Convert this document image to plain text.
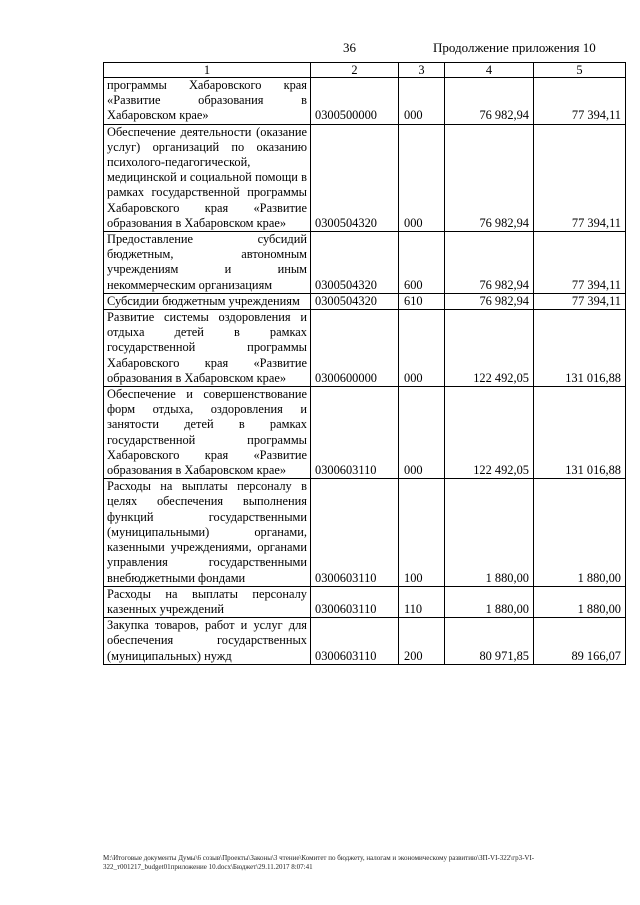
36	Продолжение приложения 10
1	2	3	4	5
программы Хабаровского края «Развитие образования в Хабаровском крае»	0300500000	000	76 982,94	77 394,11
Обеспечение деятельности (оказание услуг) организаций по оказанию психолого-педагогической, медицинской и социальной помощи в рамках государственной программы Хабаровского края «Развитие образования в Хабаровском крае»	0300504320	000	76 982,94	77 394,11
Предоставление субсидий бюджетным, автономным учреждениям и иным некоммерческим организациям	0300504320	600	76 982,94	77 394,11
Субсидии бюджетным учреждениям	0300504320	610	76 982,94	77 394,11
Развитие системы оздоровления и отдыха детей в рамках государственной программы Хабаровского края «Развитие образования в Хабаровском крае»	0300600000	000	122 492,05	131 016,88
Обеспечение и совершенствование форм отдыха, оздоровления и занятости детей в рамках государственной программы Хабаровского края «Развитие образования в Хабаровском крае»	0300603110	000	122 492,05	131 016,88
Расходы на выплаты персоналу в целях обеспечения выполнения функций государственными (муниципальными) органами, казенными учреждениями, органами управления государственными внебюджетными фондами	0300603110	100	1 880,00	1 880,00
Расходы на выплаты персоналу казенных учреждений	0300603110	110	1 880,00	1 880,00
Закупка товаров, работ и услуг для обеспечения государственных (муниципальных) нужд	0300603110	200	80 971,85	89 166,07
М:\Итоговые документы Думы\6 созыв\Проекты\Законы\3 чтение\Комитет по бюджету, налогам и экономическому развитию\ЗП-VI-322\гр3-VI-322_т001217_budget01приложение 10.docx\Бюджет\29.11.2017 8:07:41
